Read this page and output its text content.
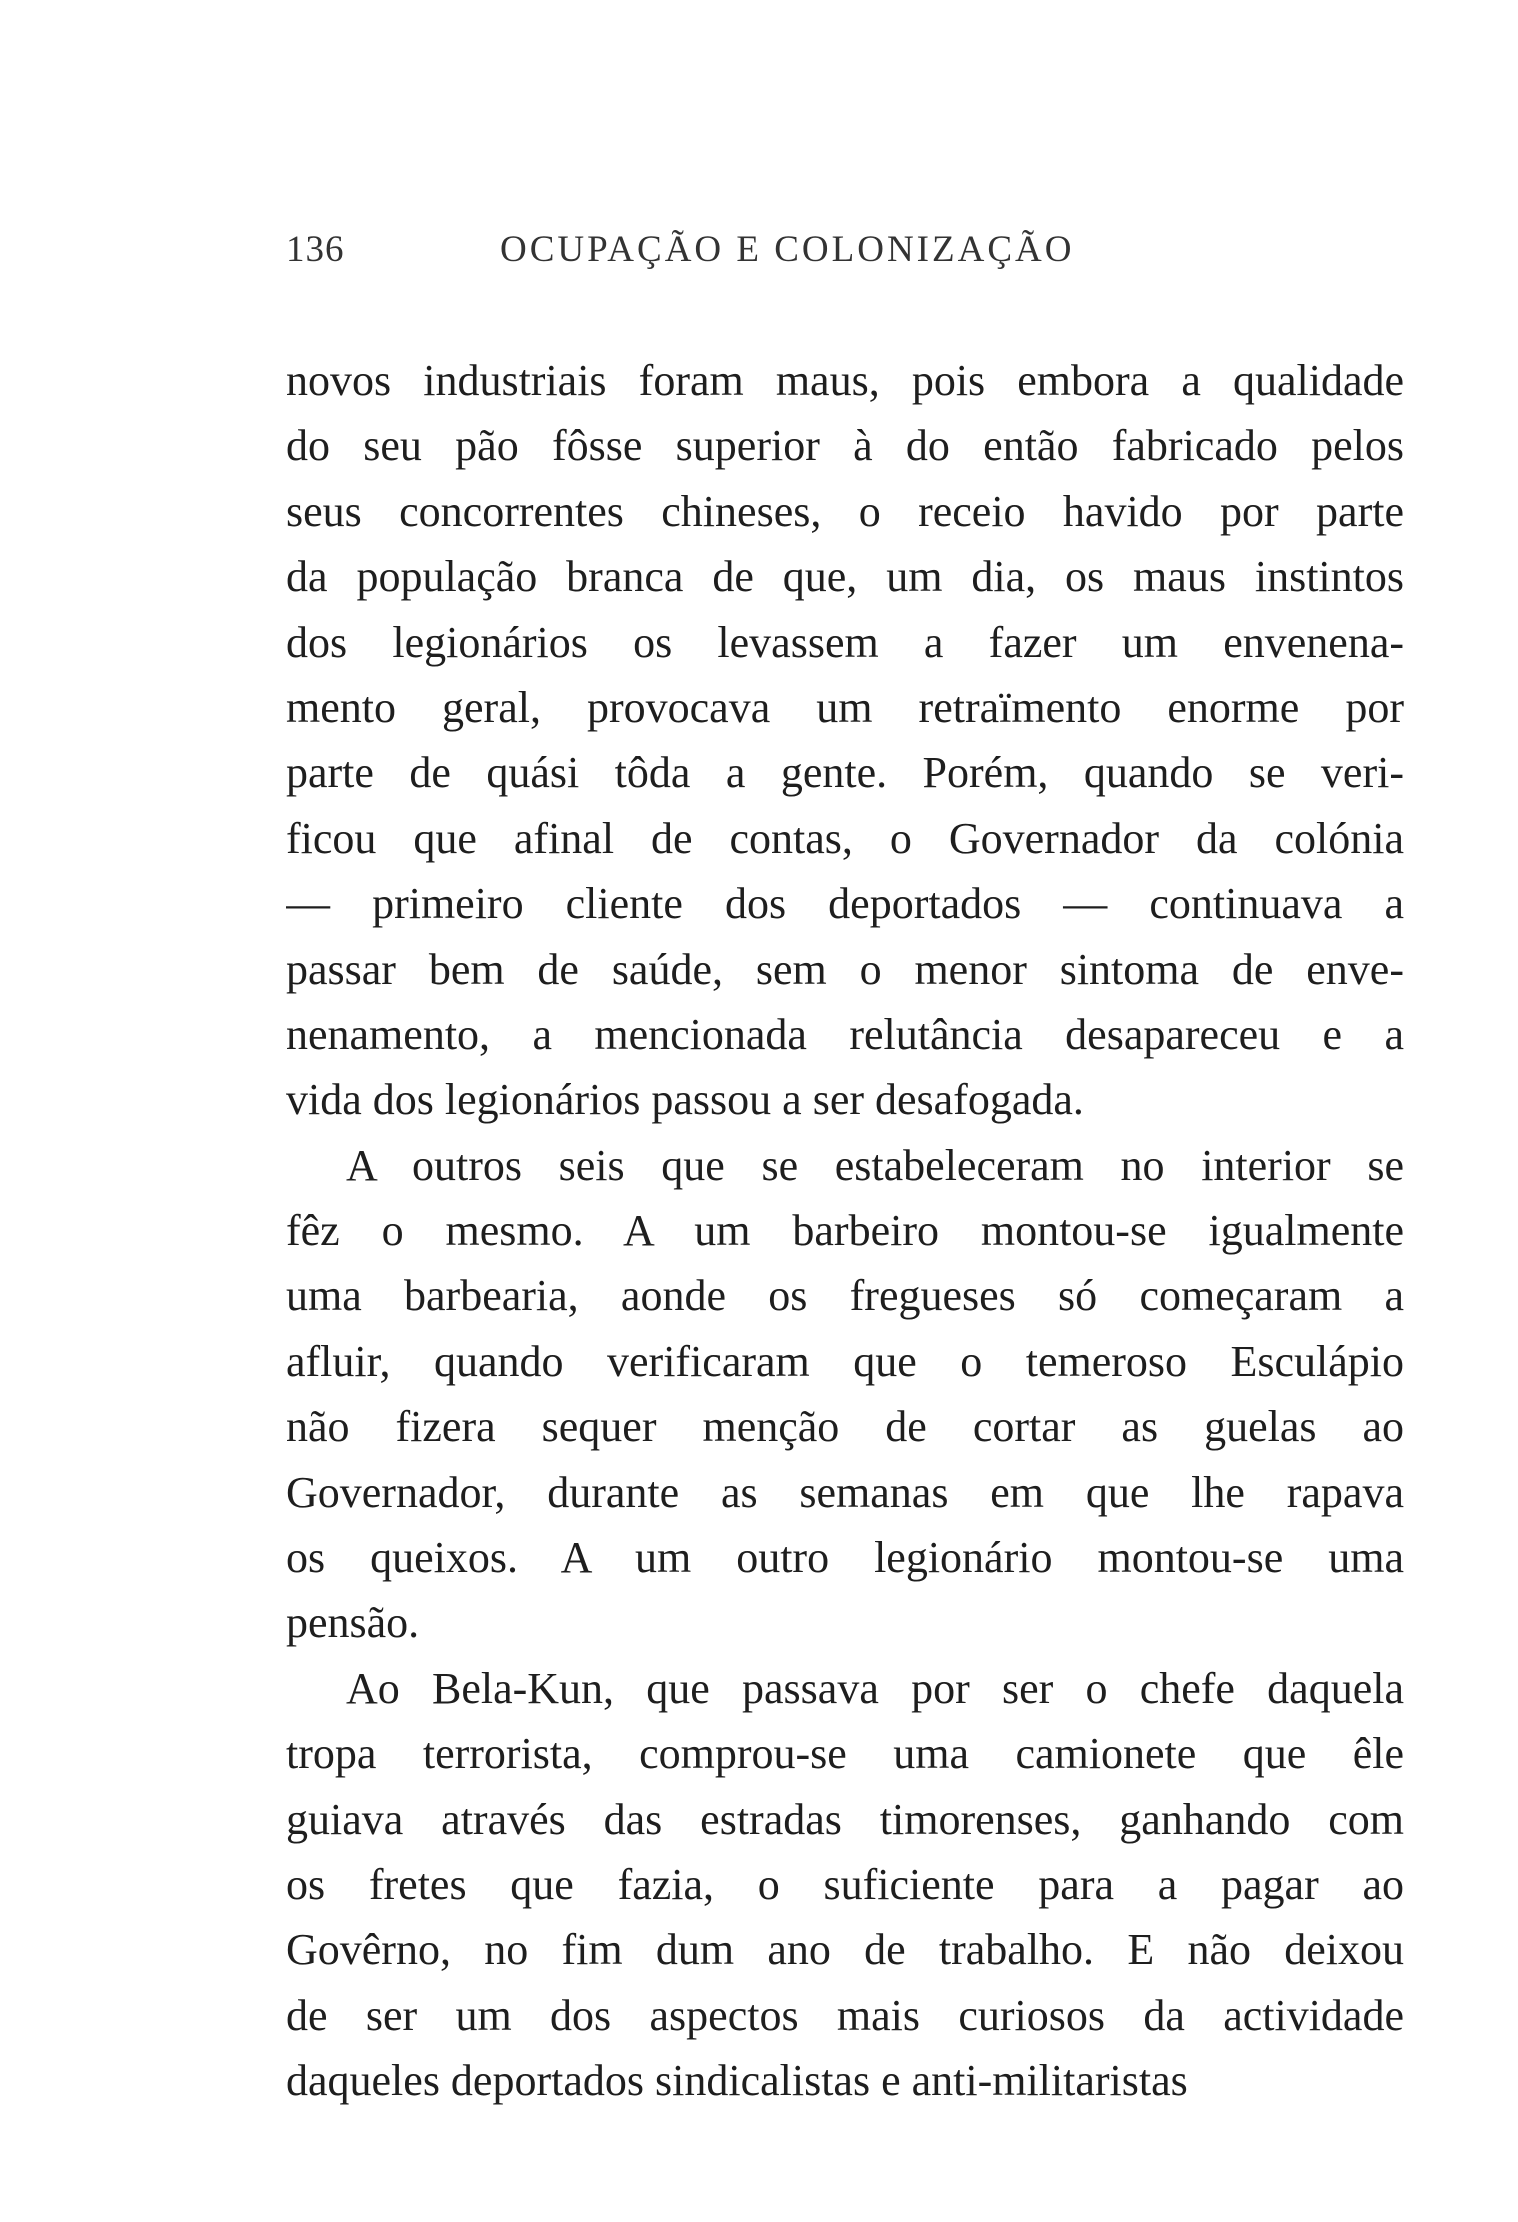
136	OCUPAÇÃO E COLONIZAÇÃO
novos industriais foram maus, pois embora a qualidade
do seu pão fôsse superior à do então fabricado pelos
seus concorrentes chineses, o receio havido por parte
da população branca de que, um dia, os maus instintos
dos legionários os levassem a fazer um envenena-
mento geral, provocava um retraïmento enorme por
parte de quási tôda a gente. Porém, quando se veri-
ficou que afinal de contas, o Governador da colónia
— primeiro cliente dos deportados — continuava a
passar bem de saúde, sem o menor sintoma de enve-
nenamento, a mencionada relutância desapareceu e a
vida dos legionários passou a ser desafogada.
A outros seis que se estabeleceram no interior se
fêz o mesmo. A um barbeiro montou-se igualmente
uma barbearia, aonde os fregueses só começaram a
afluir, quando verificaram que o temeroso Esculápio
não fizera sequer menção de cortar as guelas ao
Governador, durante as semanas em que lhe rapava
os queixos. A um outro legionário montou-se uma
pensão.
Ao Bela-Kun, que passava por ser o chefe daquela
tropa terrorista, comprou-se uma camionete que êle
guiava através das estradas timorenses, ganhando com
os fretes que fazia, o suficiente para a pagar ao
Govêrno, no fim dum ano de trabalho. E não deixou
de ser um dos aspectos mais curiosos da actividade
daqueles deportados sindicalistas e anti-militaristas
